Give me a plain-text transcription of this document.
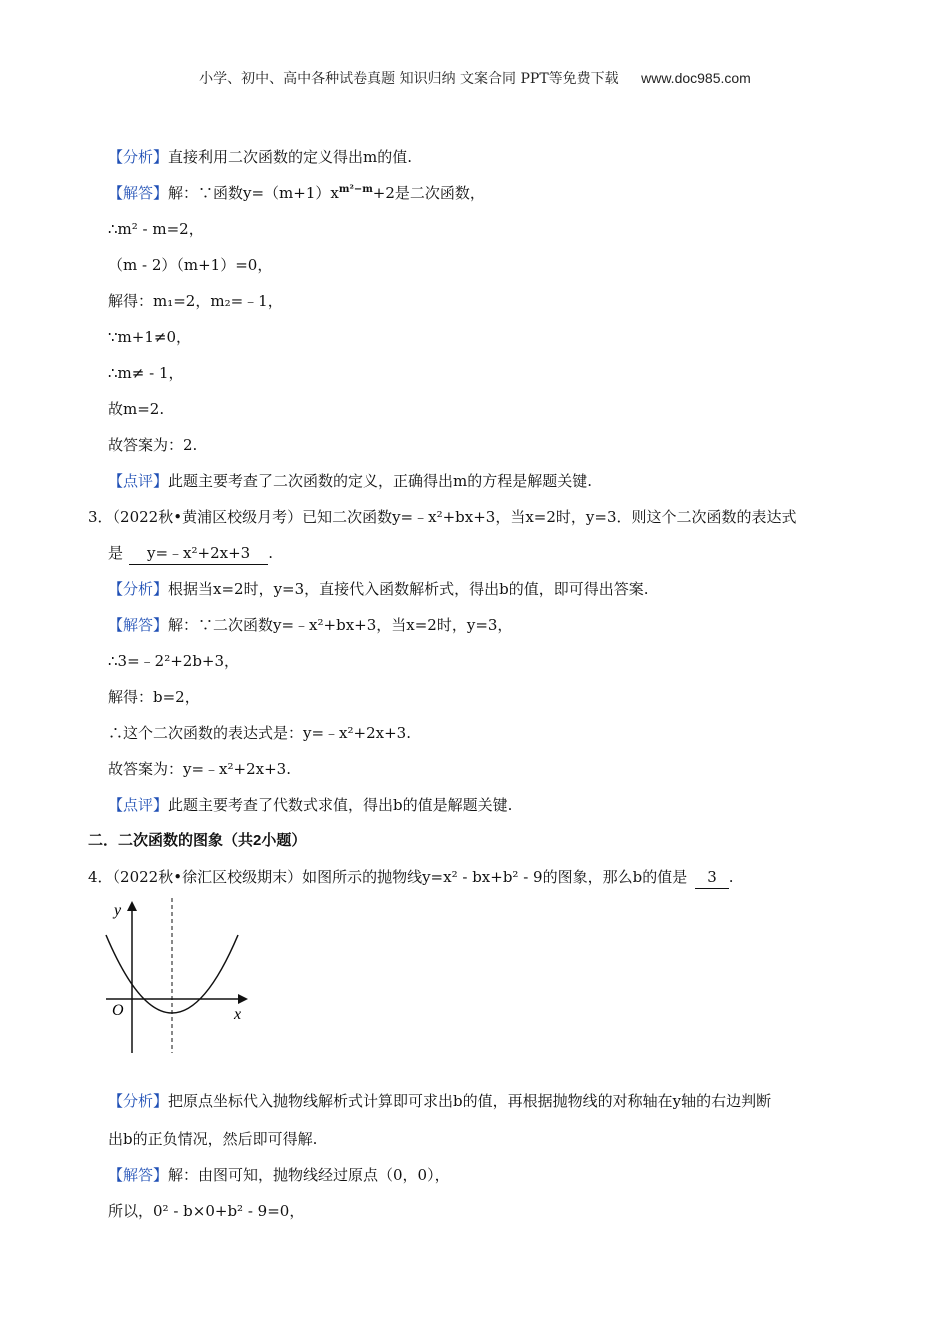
小学、初中、高中各种试卷真题 知识归纳 文案合同 PPT等免费下载 www.doc985.com
【分析】直接利用二次函数的定义得出m的值.
【解答】解：∵函数$y=(m+1)x^{m^2-m}+2$是二次函数，
∴m² - m=2，
（m - 2）（m+1）=0，
解得：m₁=2，m₂=﹣1，
∵m+1≠0，
∴m≠ - 1，
故m=2.
故答案为：2.
【点评】此题主要考查了二次函数的定义，正确得出m的方程是解题关键.
3．（2022秋•黄浦区校级月考）已知二次函数y=﹣x²+bx+3，当x=2时，y=3．则这个二次函数的表达式
是 y=﹣x²+2x+3 .
【分析】根据当x=2时，y=3，直接代入函数解析式，得出b的值，即可得出答案.
【解答】解：∵二次函数y=﹣x²+bx+3，当x=2时，y=3，
∴3=﹣2²+2b+3，
解得：b=2，
∴这个二次函数的表达式是：y=﹣x²+2x+3.
故答案为：y=﹣x²+2x+3.
【点评】此题主要考查了代数式求值，得出b的值是解题关键.
二．二次函数的图象（共2小题）
4．（2022秋•徐汇区校级期末）如图所示的抛物线y=x² - bx+b² - 9的图象，那么b的值是 3 .
y
x
O
【分析】把原点坐标代入抛物线解析式计算即可求出b的值，再根据抛物线的对称轴在y轴的右边判断
出b的正负情况，然后即可得解.
【解答】解：由图可知，抛物线经过原点（0，0），
所以，0² - b×0+b² - 9=0，
